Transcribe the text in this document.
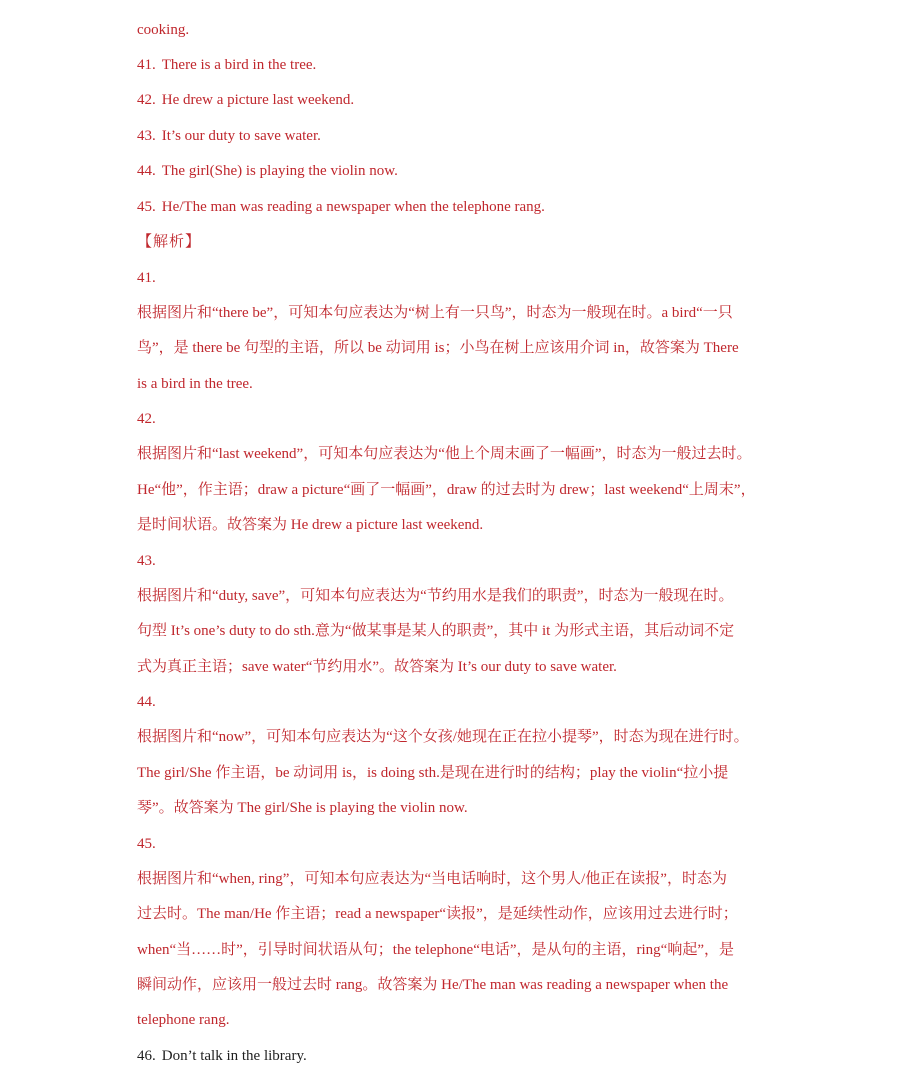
cooking.
41. There is a bird in the tree.
42. He drew a picture last weekend.
43. It’s our duty to save water.
44. The girl(She) is playing the violin now.
45. He/The man was reading a newspaper when the telephone rang.
【解析】
41.
根据图片和“there be”，可知本句应表达为“树上有一只鸟”，时态为一般现在时。a bird“一只
鸟”，是 there be 句型的主语，所以 be 动词用 is；小鸟在树上应该用介词 in，故答案为 There
is a bird in the tree.
42.
根据图片和“last weekend”，可知本句应表达为“他上个周末画了一幅画”，时态为一般过去时。
He“他”，作主语；draw a picture“画了一幅画”，draw 的过去时为 drew；last weekend“上周末”，
是时间状语。故答案为 He drew a picture last weekend.
43.
根据图片和“duty, save”，可知本句应表达为“节约用水是我们的职责”，时态为一般现在时。
句型 It’s one’s duty to do sth.意为“做某事是某人的职责”，其中 it 为形式主语，其后动词不定
式为真正主语；save water“节约用水”。故答案为 It’s our duty to save water.
44.
根据图片和“now”，可知本句应表达为“这个女孩/她现在正在拉小提琴”，时态为现在进行时。
The girl/She 作主语，be 动词用 is，is doing sth.是现在进行时的结构；play the violin“拉小提
琴”。故答案为 The girl/She is playing the violin now.
45.
根据图片和“when, ring”，可知本句应表达为“当电话响时，这个男人/他正在读报”，时态为
过去时。The man/He 作主语；read a newspaper“读报”，是延续性动作，应该用过去进行时；
when“当……时”，引导时间状语从句；the telephone“电话”，是从句的主语，ring“响起”，是
瞬间动作，应该用一般过去时 rang。故答案为 He/The man was reading a newspaper when the
telephone rang.
46. Don’t talk in the library.
